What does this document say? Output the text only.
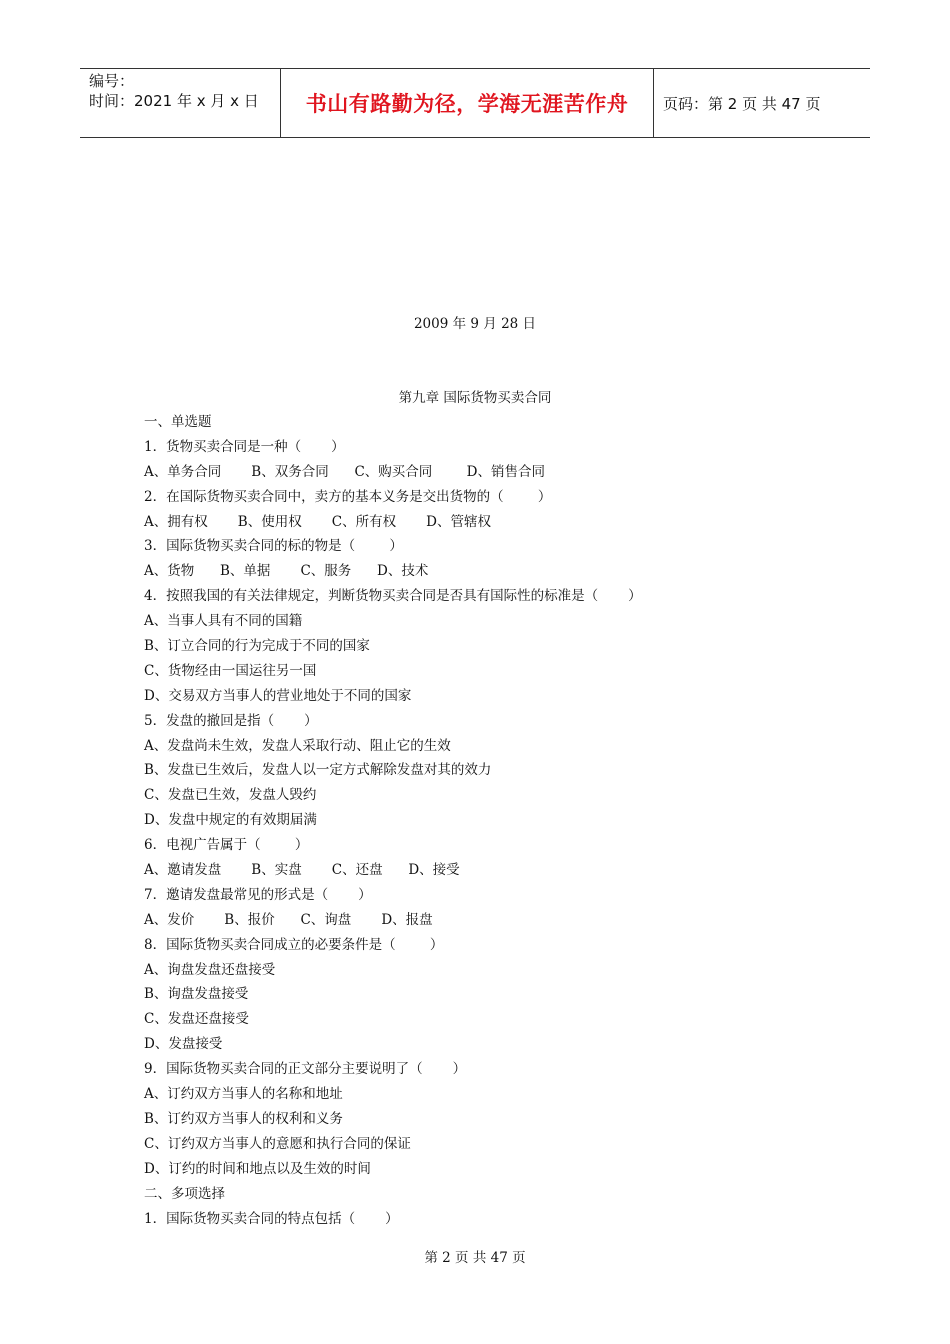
编号：
时间：2021 年 x 月 x 日	书山有路勤为径，学海无涯苦作舟	页码：第 2 页 共 47 页
2009 年 9 月 28 日
第九章 国际货物买卖合同
一、单选题
1．货物买卖合同是一种（       ）
A、单务合同       B、双务合同      C、购买合同        D、销售合同
2．在国际货物买卖合同中，卖方的基本义务是交出货物的（        ）
A、拥有权       B、使用权       C、所有权       D、管辖权
3．国际货物买卖合同的标的物是（        ）
A、货物      B、单据       C、服务      D、技术
4．按照我国的有关法律规定，判断货物买卖合同是否具有国际性的标准是（       ）
A、当事人具有不同的国籍
B、订立合同的行为完成于不同的国家
C、货物经由一国运往另一国
D、交易双方当事人的营业地处于不同的国家
5．发盘的撤回是指（       ）
A、发盘尚未生效，发盘人采取行动、阻止它的生效
B、发盘已生效后，发盘人以一定方式解除发盘对其的效力
C、发盘已生效，发盘人毁约
D、发盘中规定的有效期届满
6．电视广告属于（        ）
A、邀请发盘       B、实盘       C、还盘      D、接受
7．邀请发盘最常见的形式是（       ）
A、发价       B、报价      C、询盘       D、报盘
8．国际货物买卖合同成立的必要条件是（        ）
A、询盘发盘还盘接受
B、询盘发盘接受
C、发盘还盘接受
D、发盘接受
9．国际货物买卖合同的正文部分主要说明了（       ）
A、订约双方当事人的名称和地址
B、订约双方当事人的权利和义务
C、订约双方当事人的意愿和执行合同的保证
D、订约的时间和地点以及生效的时间
二、多项选择
1．国际货物买卖合同的特点包括（       ）
第 2 页 共 47 页
